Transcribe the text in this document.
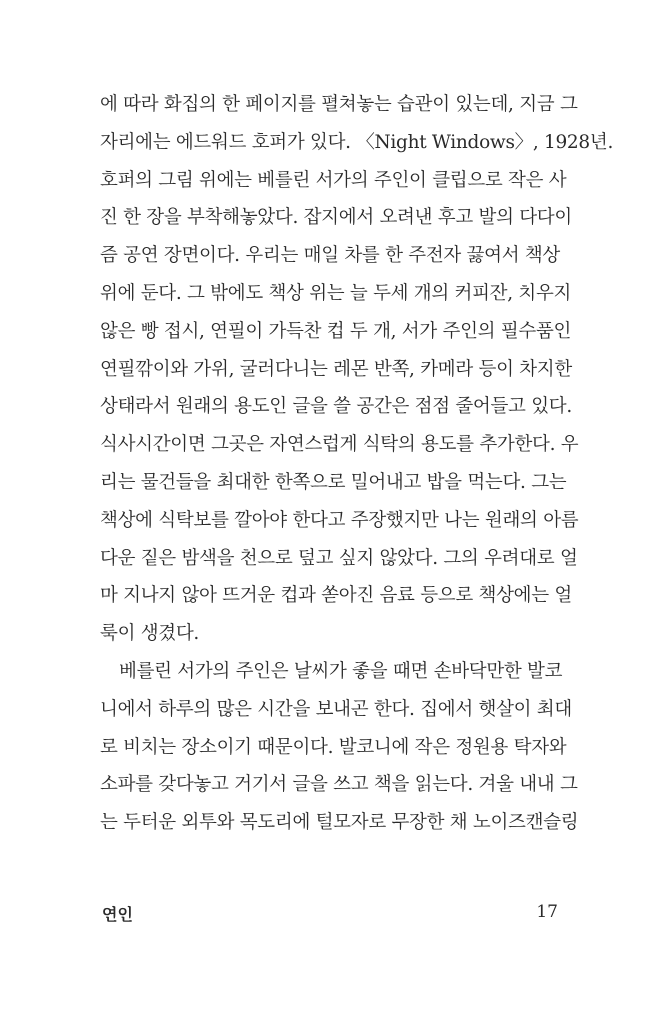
에 따라 화집의 한 페이지를 펼쳐놓는 습관이 있는데, 지금 그
자리에는 에드워드 호퍼가 있다. 〈Night Windows〉, 1928년.
호퍼의 그림 위에는 베를린 서가의 주인이 클립으로 작은 사
진 한 장을 부착해놓았다. 잡지에서 오려낸 후고 발의 다다이
즘 공연 장면이다. 우리는 매일 차를 한 주전자 끓여서 책상
위에 둔다. 그 밖에도 책상 위는 늘 두세 개의 커피잔, 치우지
않은 빵 접시, 연필이 가득찬 컵 두 개, 서가 주인의 필수품인
연필깎이와 가위, 굴러다니는 레몬 반쪽, 카메라 등이 차지한
상태라서 원래의 용도인 글을 쓸 공간은 점점 줄어들고 있다.
식사시간이면 그곳은 자연스럽게 식탁의 용도를 추가한다. 우
리는 물건들을 최대한 한쪽으로 밀어내고 밥을 먹는다. 그는
책상에 식탁보를 깔아야 한다고 주장했지만 나는 원래의 아름
다운 짙은 밤색을 천으로 덮고 싶지 않았다. 그의 우려대로 얼
마 지나지 않아 뜨거운 컵과 쏟아진 음료 등으로 책상에는 얼
룩이 생겼다.
베를린 서가의 주인은 날씨가 좋을 때면 손바닥만한 발코
니에서 하루의 많은 시간을 보내곤 한다. 집에서 햇살이 최대
로 비치는 장소이기 때문이다. 발코니에 작은 정원용 탁자와
소파를 갖다놓고 거기서 글을 쓰고 책을 읽는다. 겨울 내내 그
는 두터운 외투와 목도리에 털모자로 무장한 채 노이즈캔슬링
연인	17
